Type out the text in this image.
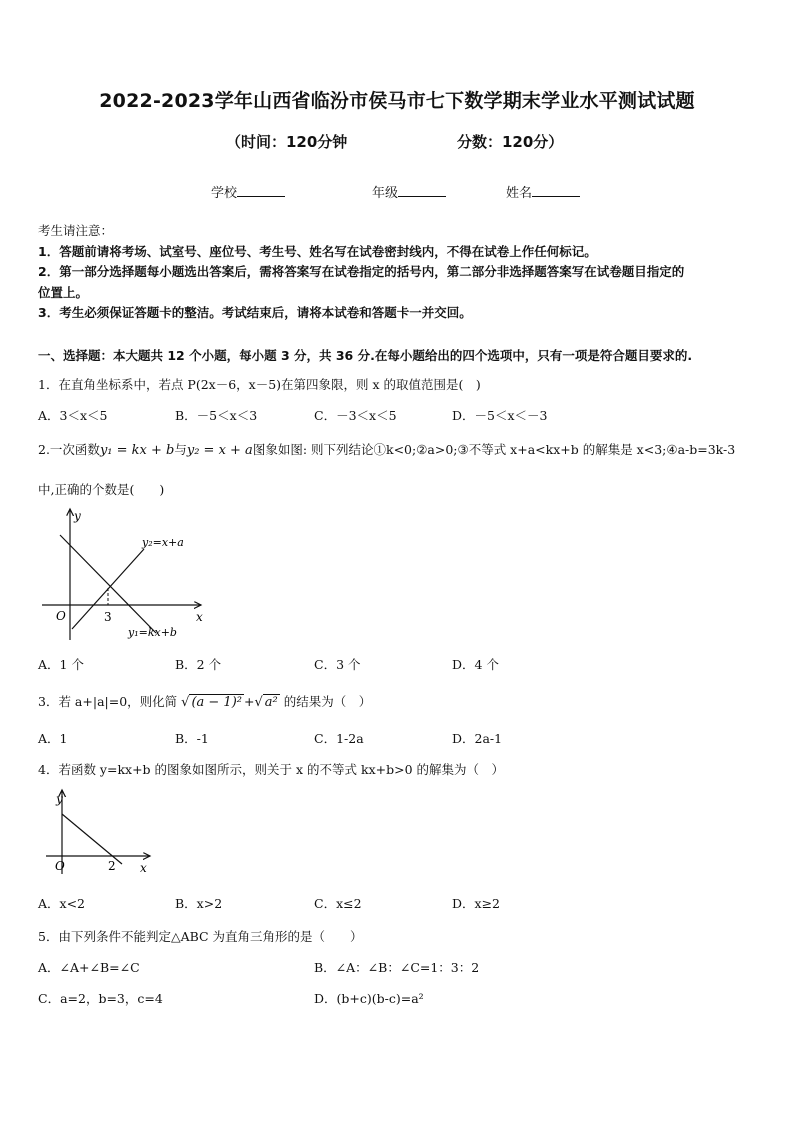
2022-2023学年山西省临汾市侯马市七下数学期末学业水平测试试题
（时间：120分钟	分数：120分）
学校	年级	姓名
考生请注意：
1．答题前请将考场、试室号、座位号、考生号、姓名写在试卷密封线内，不得在试卷上作任何标记。
2．第一部分选择题每小题选出答案后，需将答案写在试卷指定的括号内，第二部分非选择题答案写在试卷题目指定的
位置上。
3．考生必须保证答题卡的整洁。考试结束后，请将本试卷和答题卡一并交回。
一、选择题：本大题共 12 个小题，每小题 3 分，共 36 分.在每小题给出的四个选项中，只有一项是符合题目要求的.
1．在直角坐标系中，若点 P(2x－6，x－5)在第四象限，则 x 的取值范围是(　)
A．3＜x＜5	B．－5＜x＜3	C．－3＜x＜5	D．－5＜x＜－3
2.一次函数y₁ = kx + b与y₂ = x + a图象如图: 则下列结论①k<0;②a>0;③不等式 x+a<kx+b 的解集是 x<3;④a-b=3k-3
中,正确的个数是(　　)
y
x
O	3
y₂=x+a
y₁=kx+b
A．1 个	B．2 个	C．3 个	D．4 个
3．若 a+|a|=0，则化简 √ (a − 1)² +√ a² 的结果为（　）
A．1	B．-1	C．1-2a	D．2a-1
4．若函数 y=kx+b 的图象如图所示，则关于 x 的不等式 kx+b>0 的解集为（　）
y
x
O	2
A．x<2	B．x>2	C．x≤2	D．x≥2
5．由下列条件不能判定△ABC 为直角三角形的是（　　）
A．∠A+∠B=∠C	B．∠A：∠B：∠C=1：3：2
C．a=2，b=3，c=4	D．(b+c)(b-c)=a²
